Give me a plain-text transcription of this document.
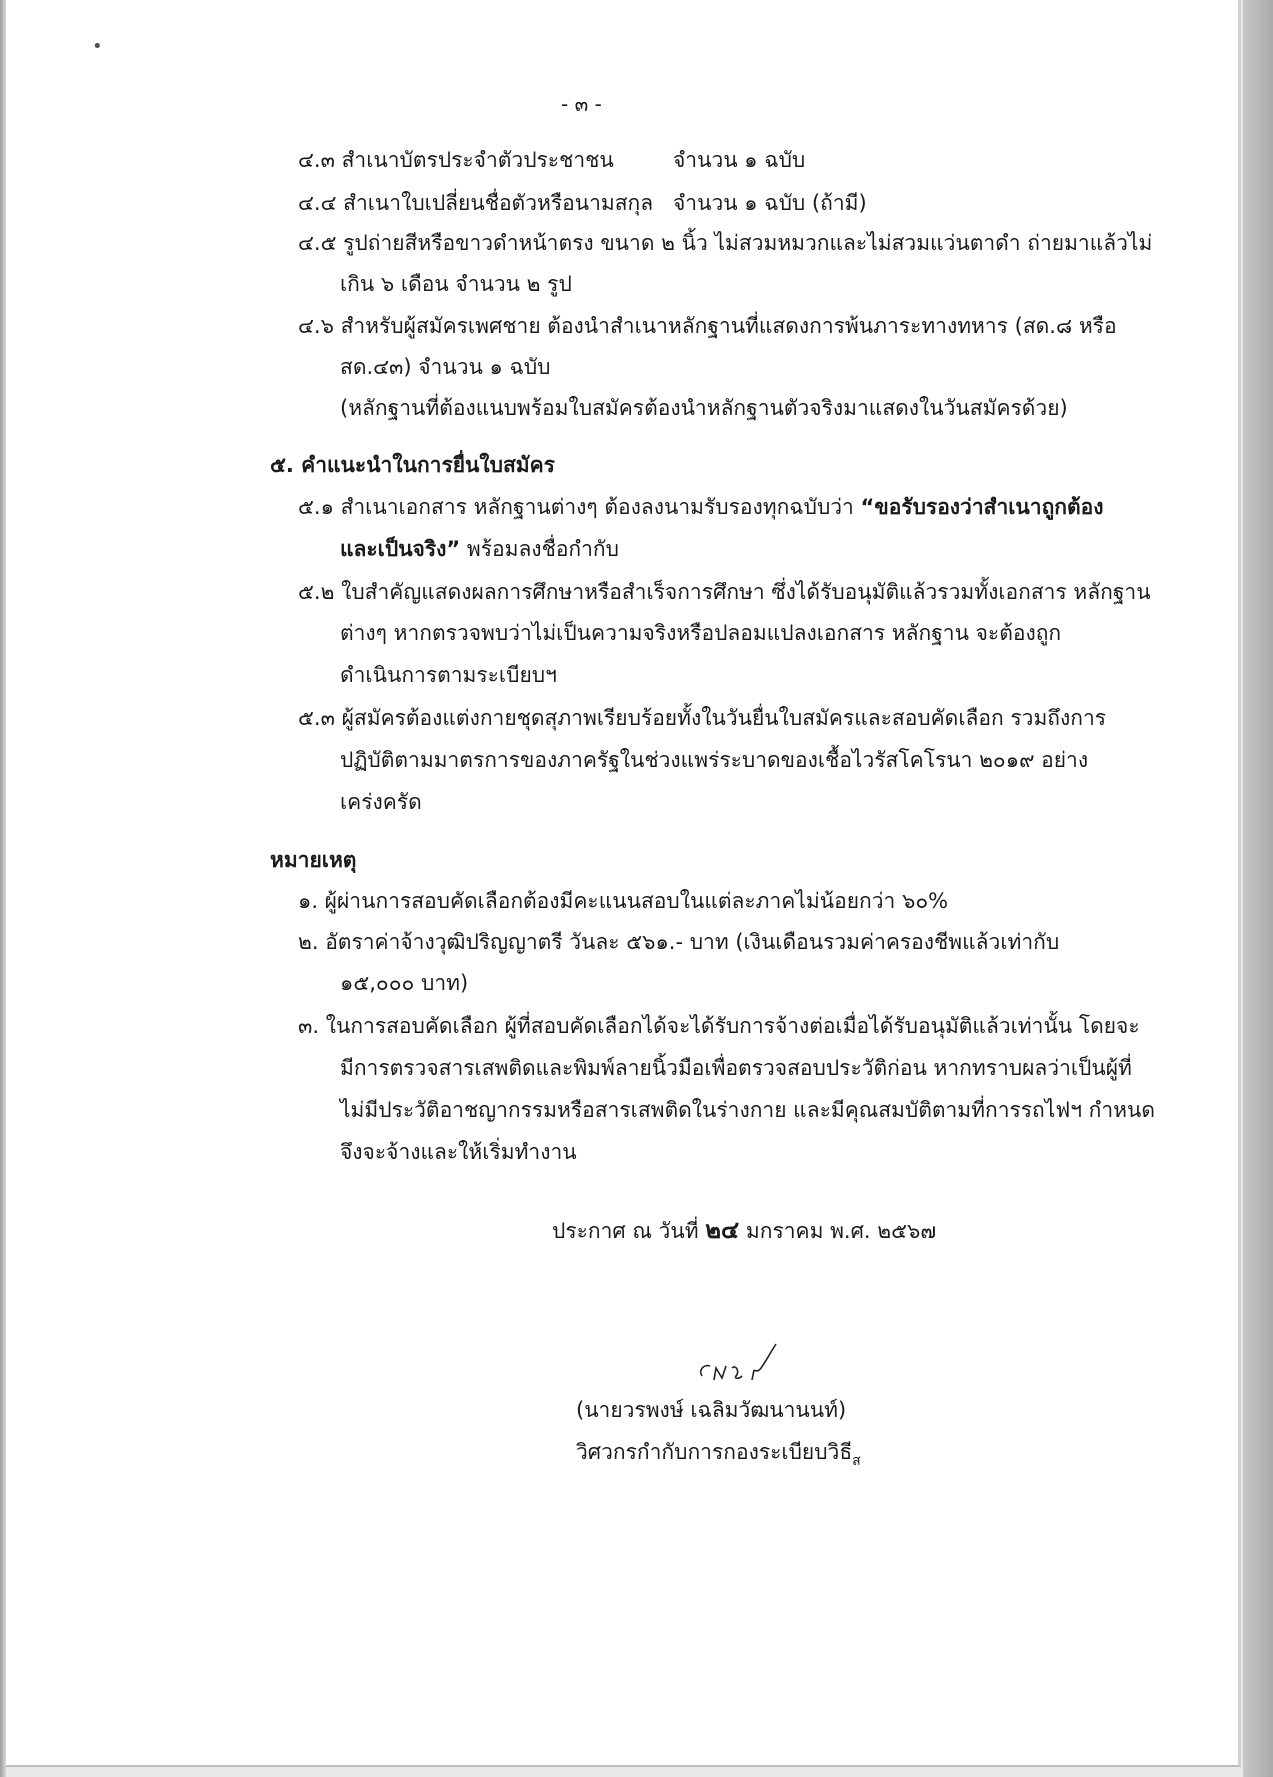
•
- ๓ -
๔.๓ สำเนาบัตรประจำตัวประชาชน	จำนวน ๑ ฉบับ
๔.๔ สำเนาใบเปลี่ยนชื่อตัวหรือนามสกุล จำนวน ๑ ฉบับ (ถ้ามี)
๔.๕ รูปถ่ายสีหรือขาวดำหน้าตรง ขนาด ๒ นิ้ว ไม่สวมหมวกและไม่สวมแว่นตาดำ ถ่ายมาแล้วไม่
เกิน ๖ เดือน จำนวน ๒ รูป
๔.๖ สำหรับผู้สมัครเพศชาย ต้องนำสำเนาหลักฐานที่แสดงการพ้นภาระทางทหาร (สด.๘ หรือ
สด.๔๓) จำนวน ๑ ฉบับ
(หลักฐานที่ต้องแนบพร้อมใบสมัครต้องนำหลักฐานตัวจริงมาแสดงในวันสมัครด้วย)
๕. คำแนะนำในการยื่นใบสมัคร
๕.๑ สำเนาเอกสาร หลักฐานต่างๆ ต้องลงนามรับรองทุกฉบับว่า “ขอรับรองว่าสำเนาถูกต้อง
และเป็นจริง” พร้อมลงชื่อกำกับ
๕.๒ ใบสำคัญแสดงผลการศึกษาหรือสำเร็จการศึกษา ซึ่งได้รับอนุมัติแล้วรวมทั้งเอกสาร หลักฐาน
ต่างๆ หากตรวจพบว่าไม่เป็นความจริงหรือปลอมแปลงเอกสาร หลักฐาน จะต้องถูก
ดำเนินการตามระเบียบฯ
๕.๓ ผู้สมัครต้องแต่งกายชุดสุภาพเรียบร้อยทั้งในวันยื่นใบสมัครและสอบคัดเลือก รวมถึงการ
ปฏิบัติตามมาตรการของภาครัฐในช่วงแพร่ระบาดของเชื้อไวรัสโคโรนา ๒๐๑๙ อย่าง
เคร่งครัด
หมายเหตุ
๑. ผู้ผ่านการสอบคัดเลือกต้องมีคะแนนสอบในแต่ละภาคไม่น้อยกว่า ๖๐%
๒. อัตราค่าจ้างวุฒิปริญญาตรี วันละ ๕๖๑.- บาท (เงินเดือนรวมค่าครองชีพแล้วเท่ากับ
๑๕,๐๐๐ บาท)
๓. ในการสอบคัดเลือก ผู้ที่สอบคัดเลือกได้จะได้รับการจ้างต่อเมื่อได้รับอนุมัติแล้วเท่านั้น โดยจะ
มีการตรวจสารเสพติดและพิมพ์ลายนิ้วมือเพื่อตรวจสอบประวัติก่อน หากทราบผลว่าเป็นผู้ที่
ไม่มีประวัติอาชญากรรมหรือสารเสพติดในร่างกาย และมีคุณสมบัติตามที่การรถไฟฯ กำหนด
จึงจะจ้างและให้เริ่มทำงาน
ประกาศ ณ วันที่ ๒๔ มกราคม พ.ศ. ๒๕๖๗
(นายวรพงษ์ เฉลิมวัฒนานนท์)
วิศวกรกำกับการกองระเบียบวิธี$_ส$
